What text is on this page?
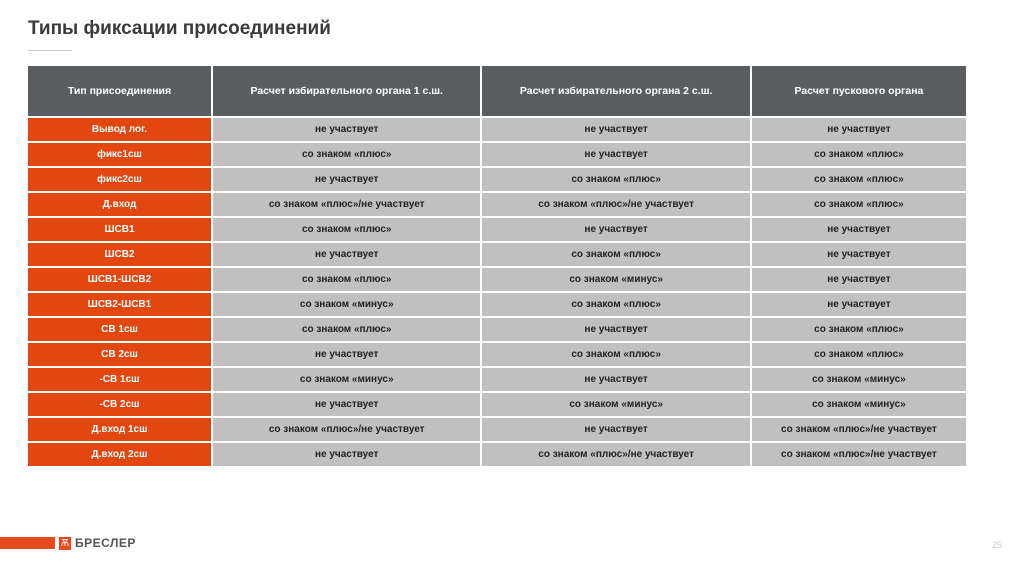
Типы фиксации присоединений
Тип присоединения	Расчет избирательного органа 1 с.ш.	Расчет избирательного органа 2 с.ш.	Расчет пускового органа
Вывод лог.	не участвует	не участвует	не участвует
фикс1сш	со знаком «плюс»	не участвует	со знаком «плюс»
фикс2сш	не участвует	со знаком «плюс»	со знаком «плюс»
Д.вход	со знаком «плюс»/не участвует	со знаком «плюс»/не участвует	со знаком «плюс»
ШСВ1	со знаком «плюс»	не участвует	не участвует
ШСВ2	не участвует	со знаком «плюс»	не участвует
ШСВ1-ШСВ2	со знаком «плюс»	со знаком «минус»	не участвует
ШСВ2-ШСВ1	со знаком «минус»	со знаком «плюс»	не участвует
СВ 1сш	со знаком «плюс»	не участвует	со знаком «плюс»
СВ 2сш	не участвует	со знаком «плюс»	со знаком «плюс»
-СВ 1сш	со знаком «минус»	не участвует	со знаком «минус»
-СВ 2сш	не участвует	со знаком «минус»	со знаком «минус»
Д.вход 1сш	со знаком «плюс»/не участвует	не участвует	со знаком «плюс»/не участвует
Д.вход 2сш	не участвует	со знаком «плюс»/не участвует	со знаком «плюс»/не участвует
Ѫ БРЕСЛЕР	25
